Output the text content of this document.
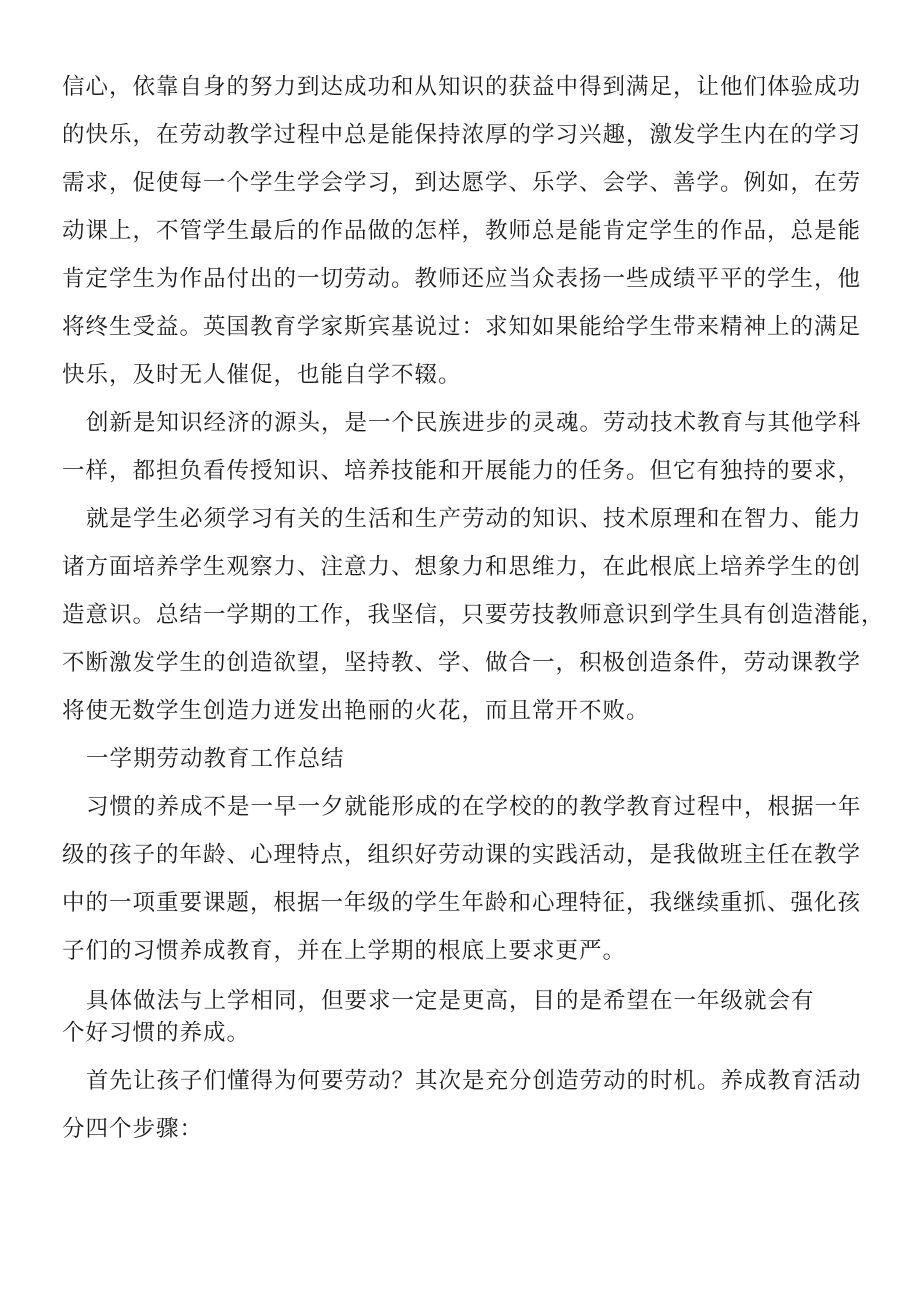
信心，依靠自身的努力到达成功和从知识的获益中得到满足，让他们体验成功
的快乐，在劳动教学过程中总是能保持浓厚的学习兴趣，激发学生内在的学习
需求，促使每一个学生学会学习，到达愿学、乐学、会学、善学。例如，在劳
动课上，不管学生最后的作品做的怎样，教师总是能肯定学生的作品，总是能
肯定学生为作品付出的一切劳动。教师还应当众表扬一些成绩平平的学生，他
将终生受益。英国教育学家斯宾基说过：求知如果能给学生带来精神上的满足
快乐，及时无人催促，也能自学不辍。
创新是知识经济的源头，是一个民族进步的灵魂。劳动技术教育与其他学科
一样，都担负看传授知识、培养技能和开展能力的任务。但它有独持的要求，
就是学生必须学习有关的生活和生产劳动的知识、技术原理和在智力、能力
诸方面培养学生观察力、注意力、想象力和思维力，在此根底上培养学生的创
造意识。总结一学期的工作，我坚信，只要劳技教师意识到学生具有创造潜能，
不断激发学生的创造欲望，坚持教、学、做合一，积极创造条件，劳动课教学
将使无数学生创造力迸发出艳丽的火花，而且常开不败。
一学期劳动教育工作总结
习惯的养成不是一早一夕就能形成的在学校的的教学教育过程中，根据一年
级的孩子的年龄、心理特点，组织好劳动课的实践活动，是我做班主任在教学
中的一项重要课题，根据一年级的学生年龄和心理特征，我继续重抓、强化孩
子们的习惯养成教育，并在上学期的根底上要求更严。
具体做法与上学相同，但要求一定是更高，目的是希望在一年级就会有
个好习惯的养成。
首先让孩子们懂得为何要劳动？其次是充分创造劳动的时机。养成教育活动
分四个步骤：
